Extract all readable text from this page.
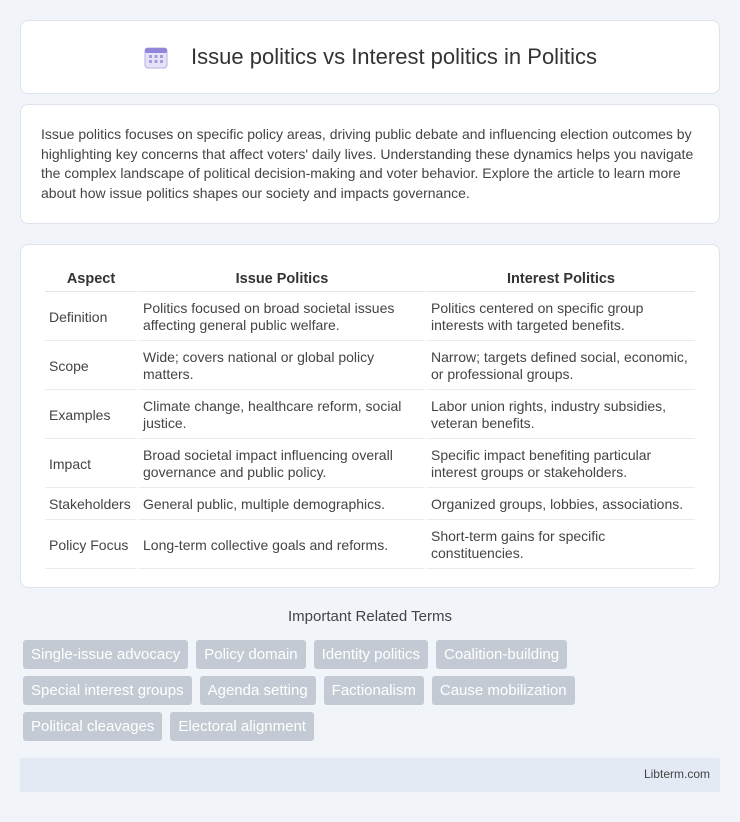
Issue politics vs Interest politics in Politics

Issue politics focuses on specific policy areas, driving public debate and influencing election outcomes by highlighting key concerns that affect voters' daily lives. Understanding these dynamics helps you navigate the complex landscape of political decision-making and voter behavior. Explore the article to learn more about how issue politics shapes our society and impacts governance.

Aspect	Issue Politics	Interest Politics
Definition	Politics focused on broad societal issues affecting general public welfare.	Politics centered on specific group interests with targeted benefits.
Scope	Wide; covers national or global policy matters.	Narrow; targets defined social, economic, or professional groups.
Examples	Climate change, healthcare reform, social justice.	Labor union rights, industry subsidies, veteran benefits.
Impact	Broad societal impact influencing overall governance and public policy.	Specific impact benefiting particular interest groups or stakeholders.
Stakeholders	General public, multiple demographics.	Organized groups, lobbies, associations.
Policy Focus	Long-term collective goals and reforms.	Short-term gains for specific constituencies.
Important Related Terms
Single-issue advocacy	Policy domain	Identity politics	Coalition-building
Special interest groups	Agenda setting	Factionalism	Cause mobilization
Political cleavages	Electoral alignment
Libterm.com
